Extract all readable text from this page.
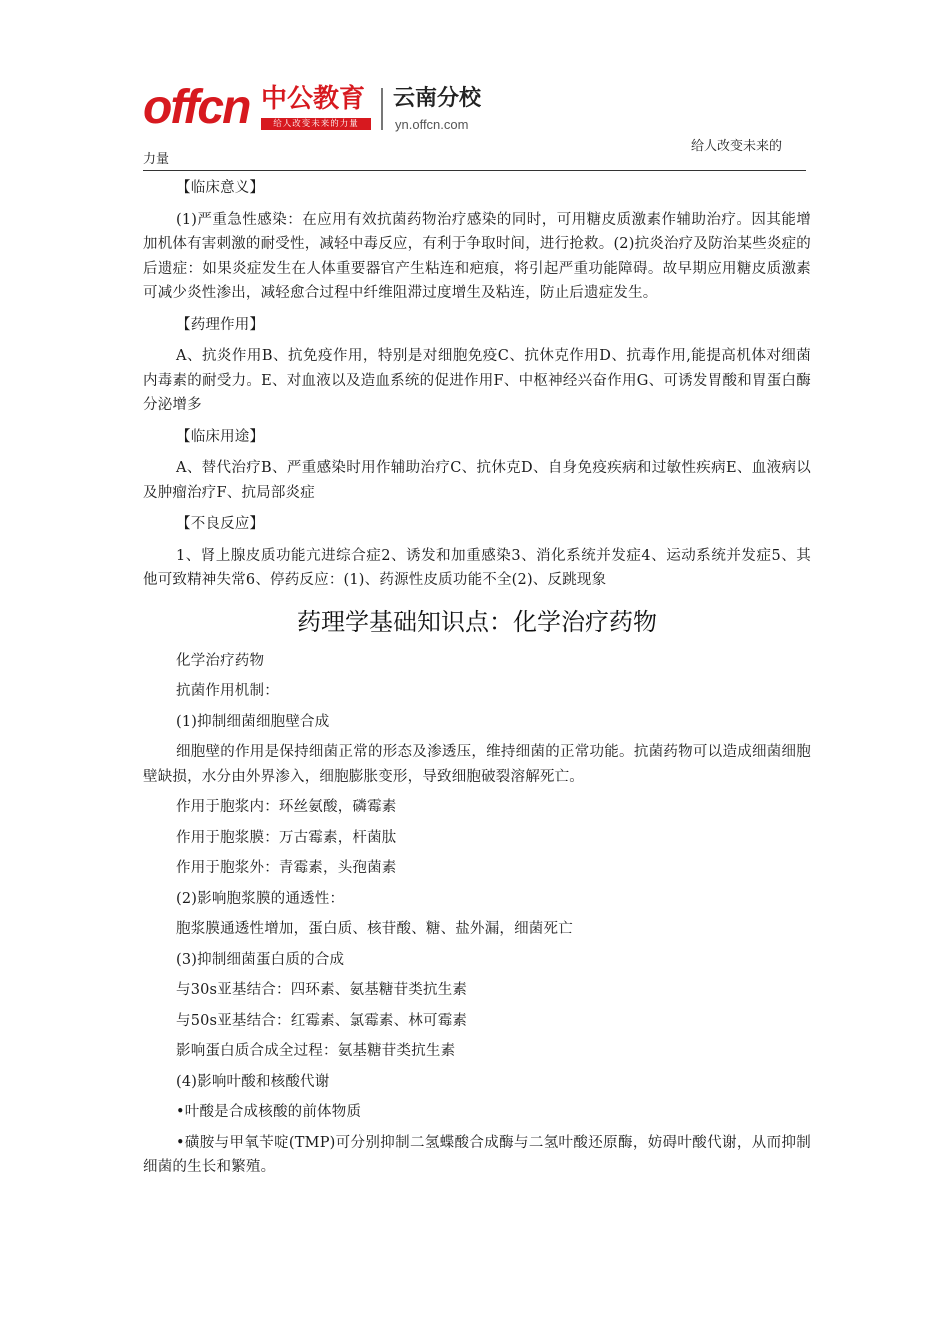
offcn 中公教育
给人改变未来的力量
云南分校
yn.offcn.com
给人改变未来的
力量

【临床意义】

(1)严重急性感染：在应用有效抗菌药物治疗感染的同时，可用糖皮质激素作辅助治疗。因其能增加机体有害刺激的耐受性，减轻中毒反应，有利于争取时间，进行抢救。(2)抗炎治疗及防治某些炎症的后遗症：如果炎症发生在人体重要器官产生粘连和疤痕，将引起严重功能障碍。故早期应用糖皮质激素可减少炎性渗出，减轻愈合过程中纤维阻滞过度增生及粘连，防止后遗症发生。

【药理作用】

A、抗炎作用B、抗免疫作用，特别是对细胞免疫C、抗休克作用D、抗毒作用,能提高机体对细菌内毒素的耐受力。E、对血液以及造血系统的促进作用F、中枢神经兴奋作用G、可诱发胃酸和胃蛋白酶分泌增多

【临床用途】

A、替代治疗B、严重感染时用作辅助治疗C、抗休克D、自身免疫疾病和过敏性疾病E、血液病以及肿瘤治疗F、抗局部炎症

【不良反应】

1、肾上腺皮质功能亢进综合症2、诱发和加重感染3、消化系统并发症4、运动系统并发症5、其他可致精神失常6、停药反应：(1)、药源性皮质功能不全(2)、反跳现象

药理学基础知识点：化学治疗药物

化学治疗药物

抗菌作用机制：

(1)抑制细菌细胞壁合成

细胞壁的作用是保持细菌正常的形态及渗透压，维持细菌的正常功能。抗菌药物可以造成细菌细胞壁缺损，水分由外界渗入，细胞膨胀变形，导致细胞破裂溶解死亡。

作用于胞浆内：环丝氨酸，磷霉素

作用于胞浆膜：万古霉素，杆菌肽

作用于胞浆外：青霉素，头孢菌素

(2)影响胞浆膜的通透性：

胞浆膜通透性增加，蛋白质、核苷酸、糖、盐外漏，细菌死亡

(3)抑制细菌蛋白质的合成

与30s亚基结合：四环素、氨基糖苷类抗生素

与50s亚基结合：红霉素、氯霉素、林可霉素

影响蛋白质合成全过程：氨基糖苷类抗生素

(4)影响叶酸和核酸代谢

•叶酸是合成核酸的前体物质

•磺胺与甲氧苄啶(TMP)可分别抑制二氢蝶酸合成酶与二氢叶酸还原酶，妨碍叶酸代谢，从而抑制细菌的生长和繁殖。
